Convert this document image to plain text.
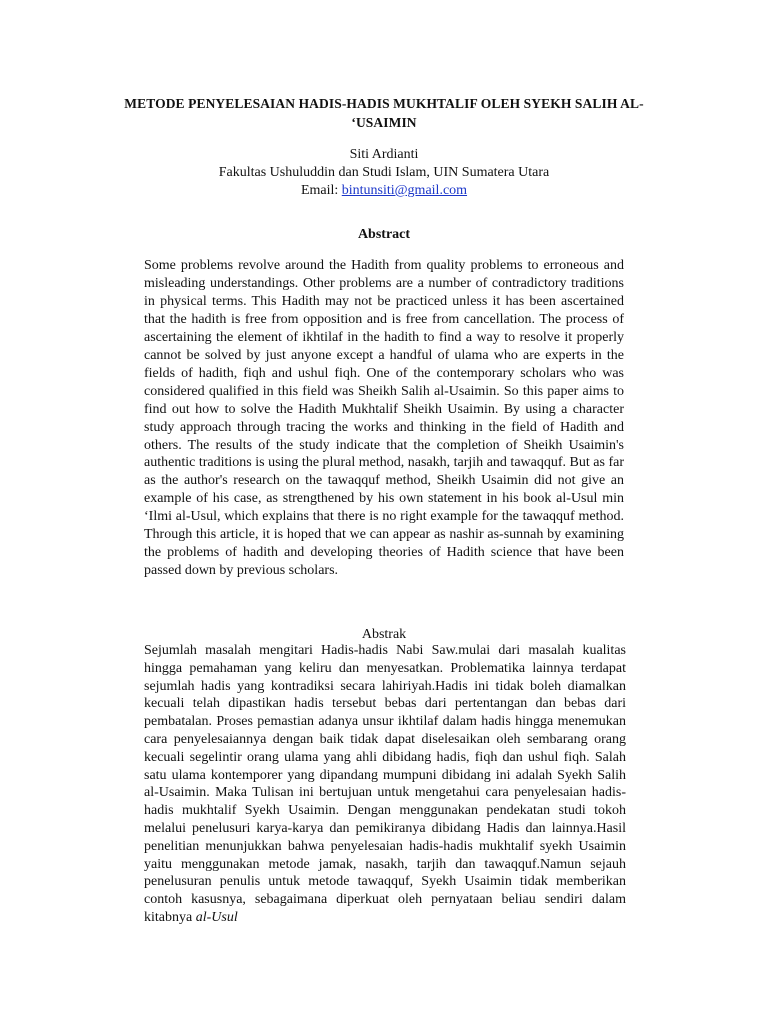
METODE PENYELESAIAN HADIS-HADIS MUKHTALIF OLEH SYEKH SALIH AL-
‘USAIMIN
Siti Ardianti
Fakultas Ushuluddin dan Studi Islam, UIN Sumatera Utara
Email: bintunsiti@gmail.com
Abstract

Some problems revolve around the Hadith from quality problems to erroneous and misleading understandings. Other problems are a number of contradictory traditions in physical terms. This Hadith may not be practiced unless it has been ascertained that the hadith is free from opposition and is free from cancellation. The process of ascertaining the element of ikhtilaf in the hadith to find a way to resolve it properly cannot be solved by just anyone except a handful of ulama who are experts in the fields of hadith, fiqh and ushul fiqh. One of the contemporary scholars who was considered qualified in this field was Sheikh Salih al-Usaimin. So this paper aims to find out how to solve the Hadith Mukhtalif Sheikh Usaimin. By using a character study approach through tracing the works and thinking in the field of Hadith and others. The results of the study indicate that the completion of Sheikh Usaimin's authentic traditions is using the plural method, nasakh, tarjih and tawaqquf. But as far as the author's research on the tawaqquf method, Sheikh Usaimin did not give an example of his case, as strengthened by his own statement in his book al-Usul min ‘Ilmi al-Usul, which explains that there is no right example for the tawaqquf method. Through this article, it is hoped that we can appear as nashir as-sunnah by examining the problems of hadith and developing theories of Hadith science that have been passed down by previous scholars.

Abstrak

Sejumlah masalah mengitari Hadis-hadis Nabi Saw.mulai dari masalah kualitas hingga pemahaman yang keliru dan menyesatkan. Problematika lainnya terdapat sejumlah hadis yang kontradiksi secara lahiriyah.Hadis ini tidak boleh diamalkan kecuali telah dipastikan hadis tersebut bebas dari pertentangan dan bebas dari pembatalan. Proses pemastian adanya unsur ikhtilaf dalam hadis hingga menemukan cara penyelesaiannya dengan baik tidak dapat diselesaikan oleh sembarang orang kecuali segelintir orang ulama yang ahli dibidang hadis, fiqh dan ushul fiqh. Salah satu ulama kontemporer yang dipandang mumpuni dibidang ini adalah Syekh Salih al-Usaimin. Maka Tulisan ini bertujuan untuk mengetahui cara penyelesaian hadis-hadis mukhtalif Syekh Usaimin. Dengan menggunakan pendekatan studi tokoh melalui penelusuri karya-karya dan pemikiranya dibidang Hadis dan lainnya.Hasil penelitian menunjukkan bahwa penyelesaian hadis-hadis mukhtalif syekh Usaimin yaitu menggunakan metode jamak, nasakh, tarjih dan tawaqquf.Namun sejauh penelusuran penulis untuk metode tawaqquf, Syekh Usaimin tidak memberikan contoh kasusnya, sebagaimana diperkuat oleh pernyataan beliau sendiri dalam kitabnya al-Usul
